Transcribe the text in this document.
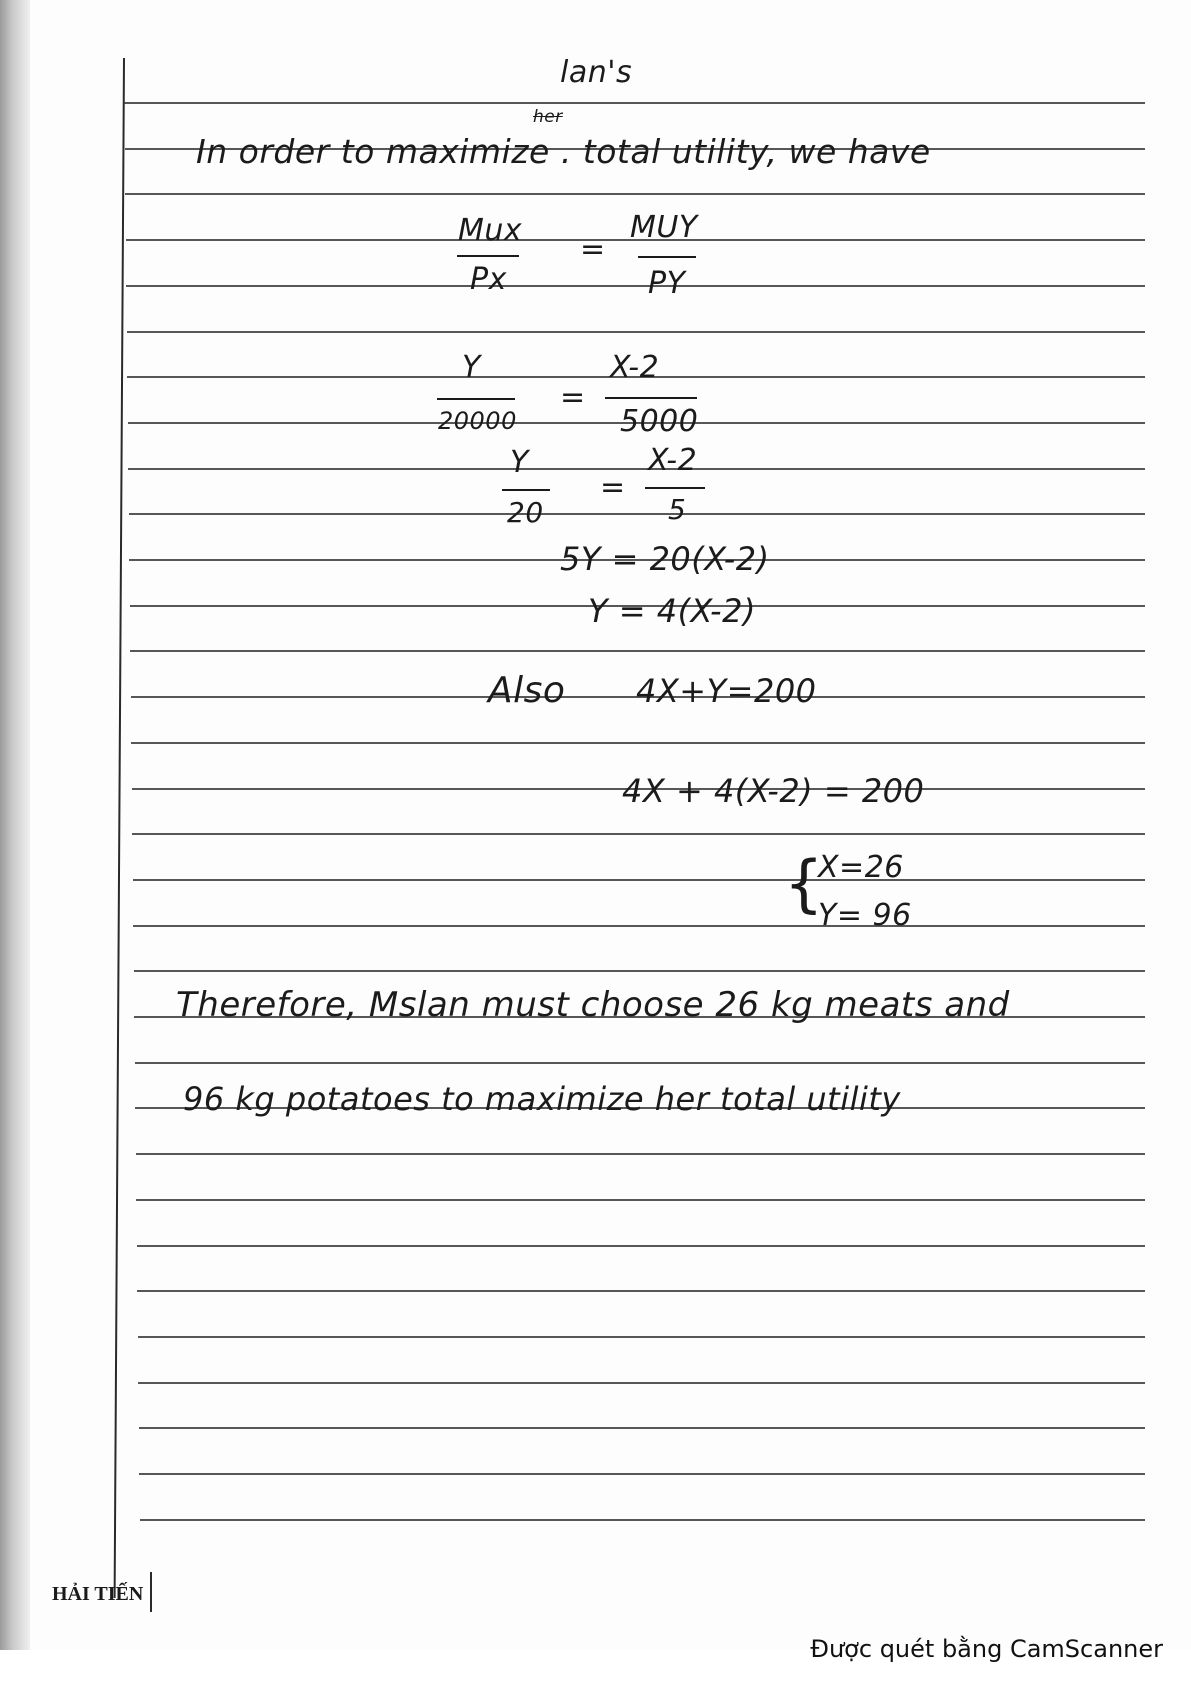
lan's
her
In order to maximize . total utility, we have
Mux
Px
=
MUY
PY
Y
20000
=
X-2
5000
Y
20
=
X-2
5
5Y = 20(X-2)
Y = 4(X-2)
Also 4X+Y=200
4X + 4(X-2) = 200
{
X=26
Y= 96
Therefore, Mslan must choose 26 kg meats and
96 kg potatoes to maximize her total utility
HẢI TIẾN
Được quét bằng CamScanner
